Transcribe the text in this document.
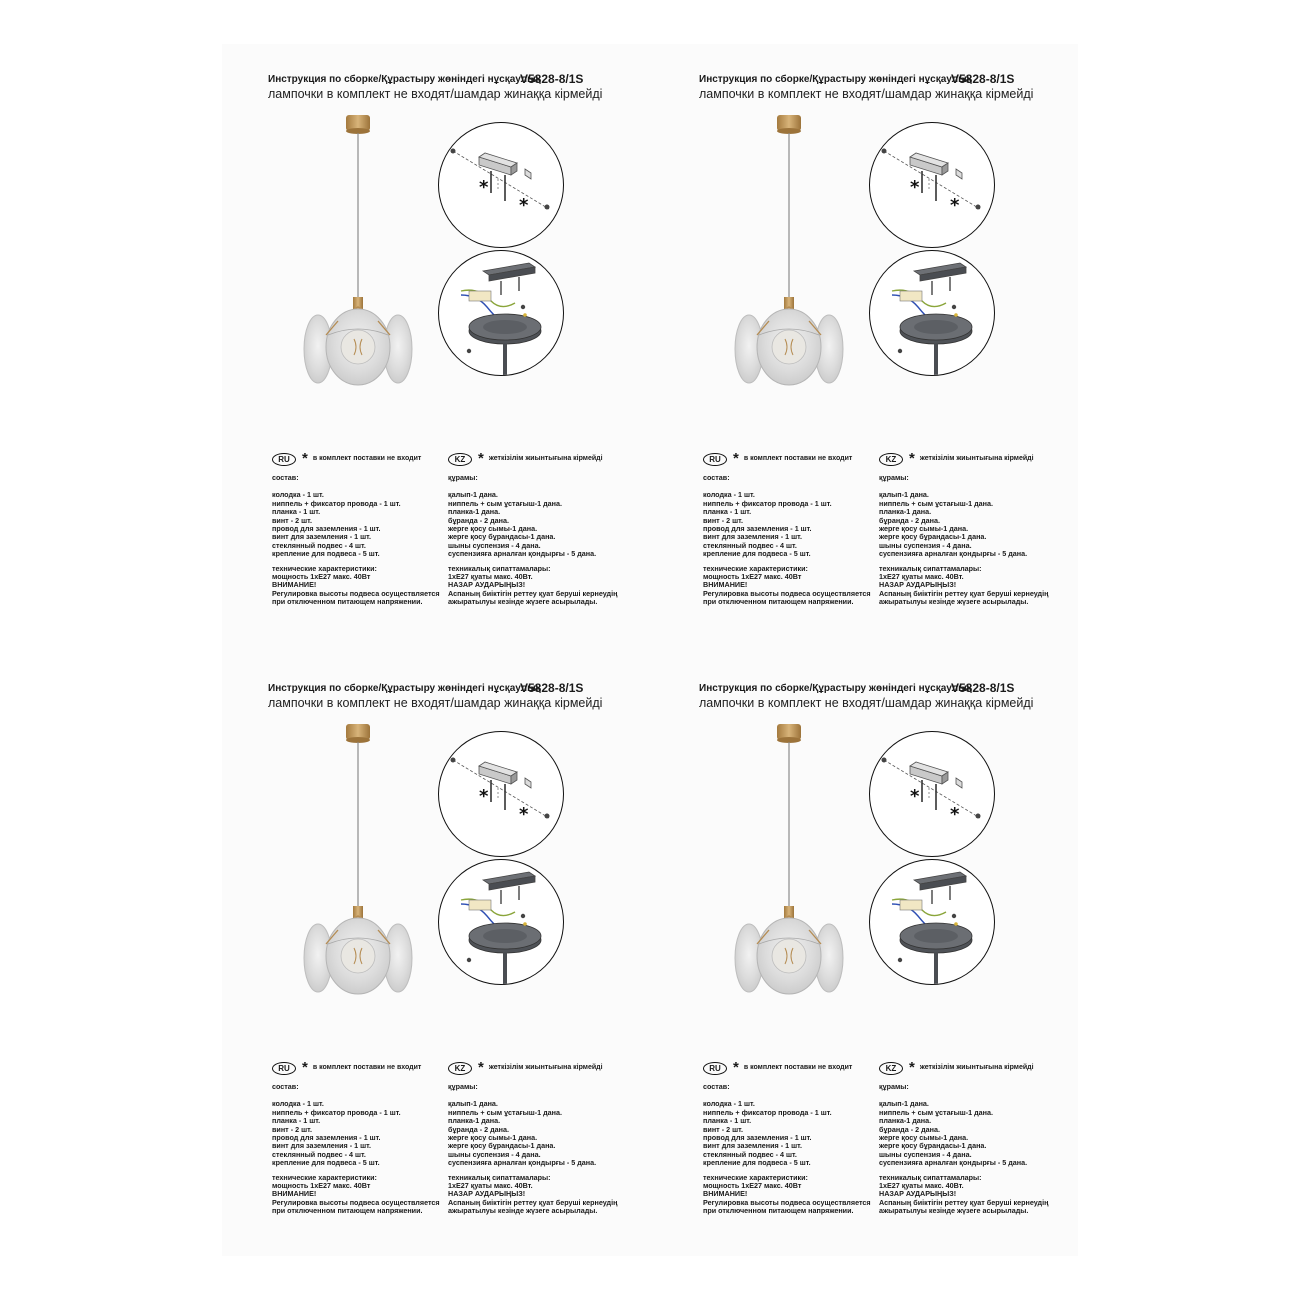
Инструкция по сборке/Құрастыру жөніндегі нұсқаулық
V5828-8/1S
лампочки в комплект не входят/шамдар жинаққа кірмейді
*
*
RU * в комплект поставки не входит
состав:
колодка - 1 шт.
ниппель + фиксатор провода - 1 шт.
планка - 1 шт.
винт - 2 шт.
провод для заземления - 1 шт.
винт для заземления - 1 шт.
стеклянный подвес - 4 шт.
крепление для подвеса - 5 шт.
технические характеристики:
мощность 1хЕ27 макс. 40Вт
ВНИМАНИЕ!
Регулировка высоты подвеса осуществляется
при отключенном питающем напряжении.
KZ * жеткізілім жиынтығына кірмейді
құрамы:
қалып-1 дана.
ниппель + сым ұстағыш-1 дана.
планка-1 дана.
бұранда - 2 дана.
жерге қосу сымы-1 дана.
жерге қосу бұрандасы-1 дана.
шыны суспензия - 4 дана.
суспензияға арналған қондырғы - 5 дана.
техникалық сипаттамалары:
1хЕ27 қуаты макс. 40Вт.
НАЗАР АУДАРЫҢЫЗ!
Аспаның биіктігін реттеу қуат беруші кернеудің
ажыратылуы кезінде жүзеге асырылады.
Инструкция по сборке/Құрастыру жөніндегі нұсқаулық
V5828-8/1S
лампочки в комплект не входят/шамдар жинаққа кірмейді
*
*
RU * в комплект поставки не входит
состав:
колодка - 1 шт.
ниппель + фиксатор провода - 1 шт.
планка - 1 шт.
винт - 2 шт.
провод для заземления - 1 шт.
винт для заземления - 1 шт.
стеклянный подвес - 4 шт.
крепление для подвеса - 5 шт.
технические характеристики:
мощность 1хЕ27 макс. 40Вт
ВНИМАНИЕ!
Регулировка высоты подвеса осуществляется
при отключенном питающем напряжении.
KZ * жеткізілім жиынтығына кірмейді
құрамы:
қалып-1 дана.
ниппель + сым ұстағыш-1 дана.
планка-1 дана.
бұранда - 2 дана.
жерге қосу сымы-1 дана.
жерге қосу бұрандасы-1 дана.
шыны суспензия - 4 дана.
суспензияға арналған қондырғы - 5 дана.
техникалық сипаттамалары:
1хЕ27 қуаты макс. 40Вт.
НАЗАР АУДАРЫҢЫЗ!
Аспаның биіктігін реттеу қуат беруші кернеудің
ажыратылуы кезінде жүзеге асырылады.
Инструкция по сборке/Құрастыру жөніндегі нұсқаулық
V5828-8/1S
лампочки в комплект не входят/шамдар жинаққа кірмейді
*
*
RU * в комплект поставки не входит
состав:
колодка - 1 шт.
ниппель + фиксатор провода - 1 шт.
планка - 1 шт.
винт - 2 шт.
провод для заземления - 1 шт.
винт для заземления - 1 шт.
стеклянный подвес - 4 шт.
крепление для подвеса - 5 шт.
технические характеристики:
мощность 1хЕ27 макс. 40Вт
ВНИМАНИЕ!
Регулировка высоты подвеса осуществляется
при отключенном питающем напряжении.
KZ * жеткізілім жиынтығына кірмейді
құрамы:
қалып-1 дана.
ниппель + сым ұстағыш-1 дана.
планка-1 дана.
бұранда - 2 дана.
жерге қосу сымы-1 дана.
жерге қосу бұрандасы-1 дана.
шыны суспензия - 4 дана.
суспензияға арналған қондырғы - 5 дана.
техникалық сипаттамалары:
1хЕ27 қуаты макс. 40Вт.
НАЗАР АУДАРЫҢЫЗ!
Аспаның биіктігін реттеу қуат беруші кернеудің
ажыратылуы кезінде жүзеге асырылады.
Инструкция по сборке/Құрастыру жөніндегі нұсқаулық
V5828-8/1S
лампочки в комплект не входят/шамдар жинаққа кірмейді
*
*
RU * в комплект поставки не входит
состав:
колодка - 1 шт.
ниппель + фиксатор провода - 1 шт.
планка - 1 шт.
винт - 2 шт.
провод для заземления - 1 шт.
винт для заземления - 1 шт.
стеклянный подвес - 4 шт.
крепление для подвеса - 5 шт.
технические характеристики:
мощность 1хЕ27 макс. 40Вт
ВНИМАНИЕ!
Регулировка высоты подвеса осуществляется
при отключенном питающем напряжении.
KZ * жеткізілім жиынтығына кірмейді
құрамы:
қалып-1 дана.
ниппель + сым ұстағыш-1 дана.
планка-1 дана.
бұранда - 2 дана.
жерге қосу сымы-1 дана.
жерге қосу бұрандасы-1 дана.
шыны суспензия - 4 дана.
суспензияға арналған қондырғы - 5 дана.
техникалық сипаттамалары:
1хЕ27 қуаты макс. 40Вт.
НАЗАР АУДАРЫҢЫЗ!
Аспаның биіктігін реттеу қуат беруші кернеудің
ажыратылуы кезінде жүзеге асырылады.
